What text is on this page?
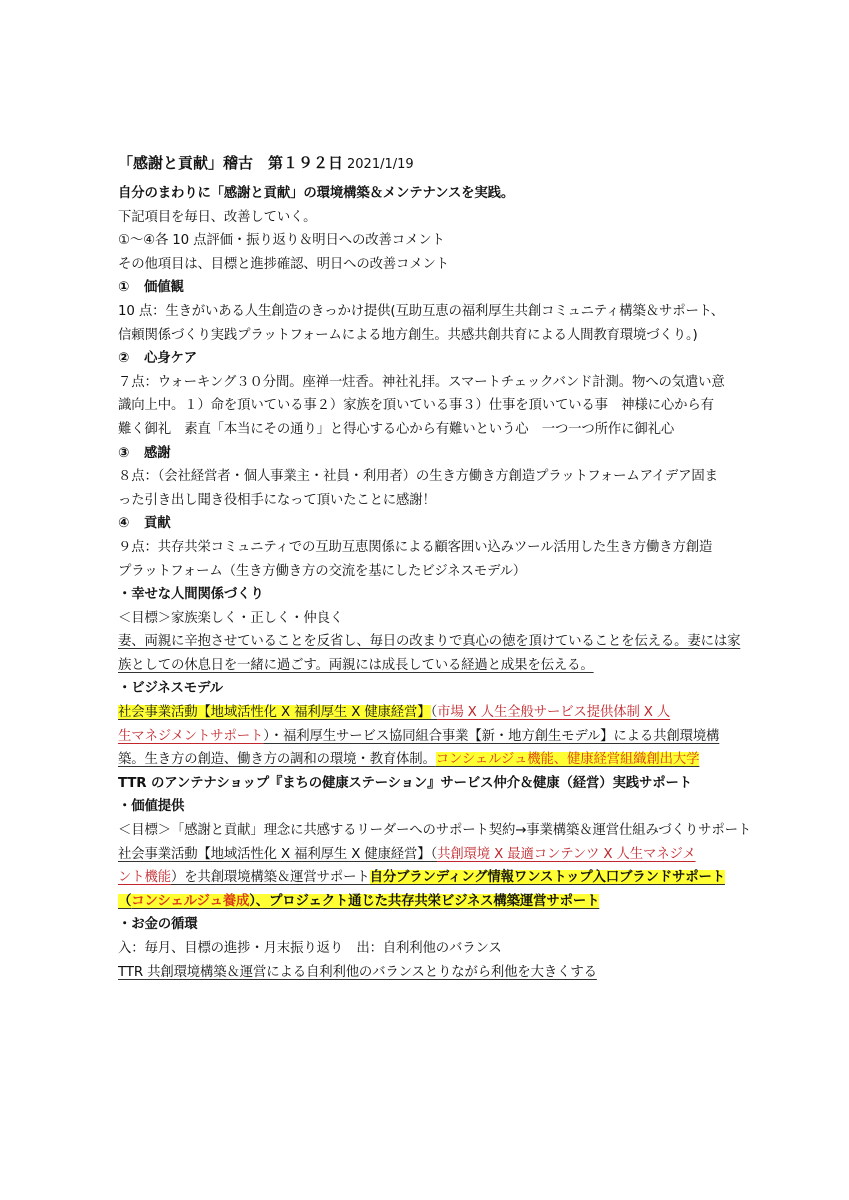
「感謝と貢献」稽古　第１９２日 2021/1/19
自分のまわりに「感謝と貢献」の環境構築＆メンテナンスを実践。
下記項目を毎日、改善していく。
①～④各 10 点評価・振り返り＆明日への改善コメント
その他項目は、目標と進捗確認、明日への改善コメント
① 価値観
10 点：生きがいある人生創造のきっかけ提供(互助互恵の福利厚生共創コミュニティ構築＆サポート、
信頼関係づくり実践プラットフォームによる地方創生。共感共創共育による人間教育環境づくり。)
② 心身ケア
７点：ウォーキング３０分間。座禅一炷香。神社礼拝。スマートチェックバンド計測。物への気遣い意
識向上中。１）命を頂いている事２）家族を頂いている事３）仕事を頂いている事　神様に心から有
難く御礼　素直「本当にその通り」と得心する心から有難いという心　一つ一つ所作に御礼心
③ 感謝
８点：（会社経営者・個人事業主・社員・利用者）の生き方働き方創造プラットフォームアイデア固ま
った引き出し聞き役相手になって頂いたことに感謝！
④ 貢献
９点：共存共栄コミュニティでの互助互恵関係による顧客囲い込みツール活用した生き方働き方創造
プラットフォーム（生き方働き方の交流を基にしたビジネスモデル）
・幸せな人間関係づくり
＜目標＞家族楽しく・正しく・仲良く
妻、両親に辛抱させていることを反省し、毎日の改まりで真心の徳を頂けていることを伝える。妻には家
族としての休息日を一緒に過ごす。両親には成長している経過と成果を伝える。
・ビジネスモデル
社会事業活動【地域活性化 X 福利厚生 X 健康経営】（市場 X 人生全般サービス提供体制 X 人
生マネジメントサポート）・福利厚生サービス協同組合事業【新・地方創生モデル】による共創環境構
築。生き方の創造、働き方の調和の環境・教育体制。コンシェルジュ機能、健康経営組織創出大学
TTR のアンテナショップ『まちの健康ステーション』サービス仲介＆健康（経営）実践サポート
・価値提供
＜目標＞「感謝と貢献」理念に共感するリーダーへのサポート契約→事業構築＆運営仕組みづくりサポート
社会事業活動【地域活性化 X 福利厚生 X 健康経営】（共創環境 X 最適コンテンツ X 人生マネジメ
ント機能）を共創環境構築＆運営サポート自分ブランディング情報ワンストップ入口ブランドサポート
（コンシェルジュ養成）、プロジェクト通じた共存共栄ビジネス構築運営サポート
・お金の循環
入：毎月、目標の進捗・月末振り返り　出：自利利他のバランス
TTR 共創環境構築＆運営による自利利他のバランスとりながら利他を大きくする
